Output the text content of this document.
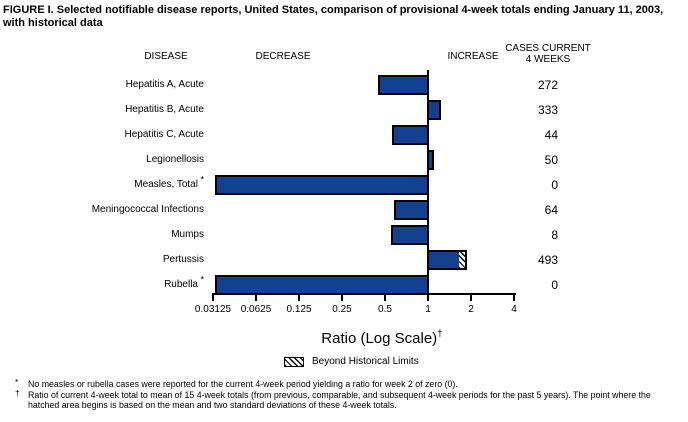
FIGURE I. Selected notifiable disease reports, United States, comparison of provisional 4-week totals ending January 11, 2003, with historical data
DISEASE	DECREASE	INCREASE
CASES CURRENT
4 WEEKS
Hepatitis A, Acute	272
Hepatitis B, Acute	333
Hepatitis C, Acute	44
Legionellosis	50
Measles, Total *	0
Meningococcal Infections	64
Mumps	8
Pertussis	493
Rubella *	0
0.03125 0.0625	0.125	0.25	0.5	1	2	4
Ratio (Log Scale)†
Beyond Historical Limits
* No measles or rubella cases were reported for the current 4-week period yielding a ratio for week 2 of zero (0).
† Ratio of current 4-week total to mean of 15 4-week totals (from previous, comparable, and subsequent 4-week periods for the past 5 years). The point where the hatched area begins is based on the mean and two standard deviations of these 4-week totals.
